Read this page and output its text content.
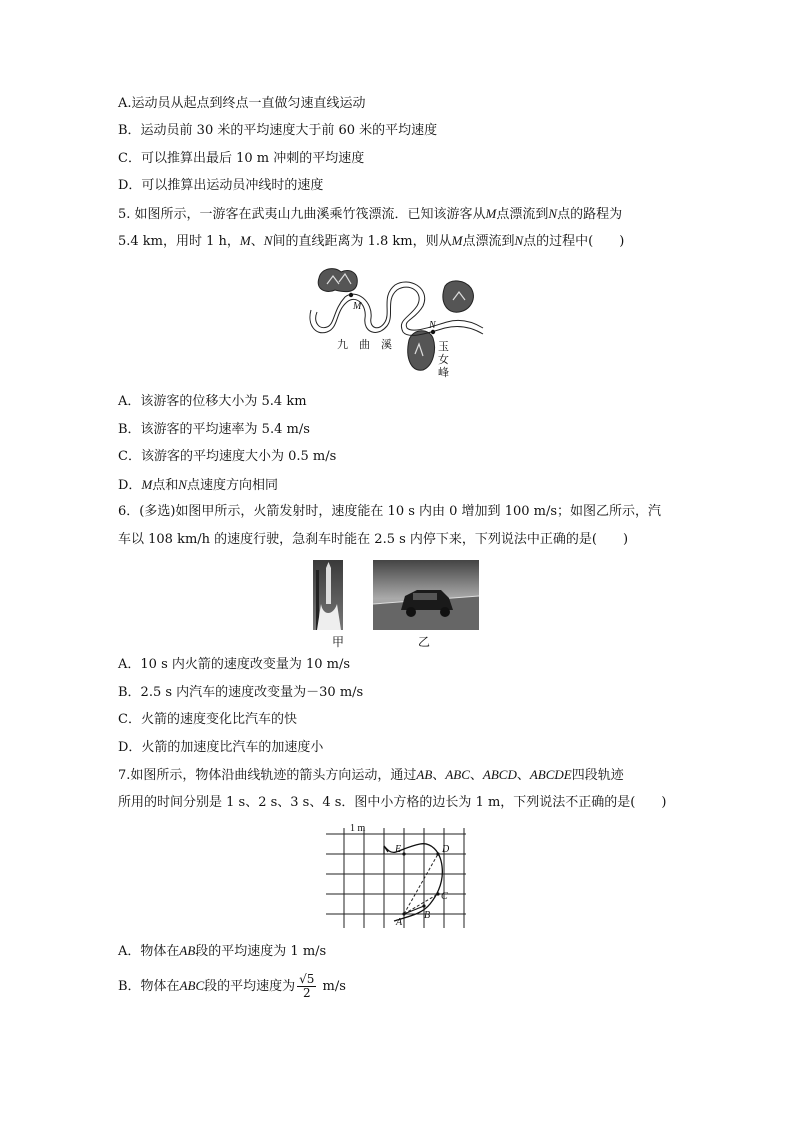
A.运动员从起点到终点一直做匀速直线运动
B．运动员前 30 米的平均速度大于前 60 米的平均速度
C．可以推算出最后 10 m 冲刺的平均速度
D．可以推算出运动员冲线时的速度
5. 如图所示，一游客在武夷山九曲溪乘竹筏漂流．已知该游客从M点漂流到N点的路程为
5.4 km，用时 1 h，M、N间的直线距离为 1.8 km，则从M点漂流到N点的过程中(　　)
M
N
九　曲　溪	玉
女
峰
A．该游客的位移大小为 5.4 km
B．该游客的平均速率为 5.4 m/s
C．该游客的平均速度大小为 0.5 m/s
D．M点和N点速度方向相同
6．(多选)如图甲所示，火箭发射时，速度能在 10 s 内由 0 增加到 100 m/s；如图乙所示，汽
车以 108 km/h 的速度行驶，急刹车时能在 2.5 s 内停下来，下列说法中正确的是(　　)
甲	乙
A．10 s 内火箭的速度改变量为 10 m/s
B．2.5 s 内汽车的速度改变量为－30 m/s
C．火箭的速度变化比汽车的快
D．火箭的加速度比汽车的加速度小
7.如图所示，物体沿曲线轨迹的箭头方向运动，通过AB、ABC、ABCD、ABCDE四段轨迹
所用的时间分别是 1 s、2 s、3 s、4 s．图中小方格的边长为 1 m，下列说法不正确的是(　　)
1 m
A
B
C
D
E
A．物体在AB段的平均速度为 1 m/s
B．物体在ABC段的平均速度为 $\frac{√5}{2} m/s$
